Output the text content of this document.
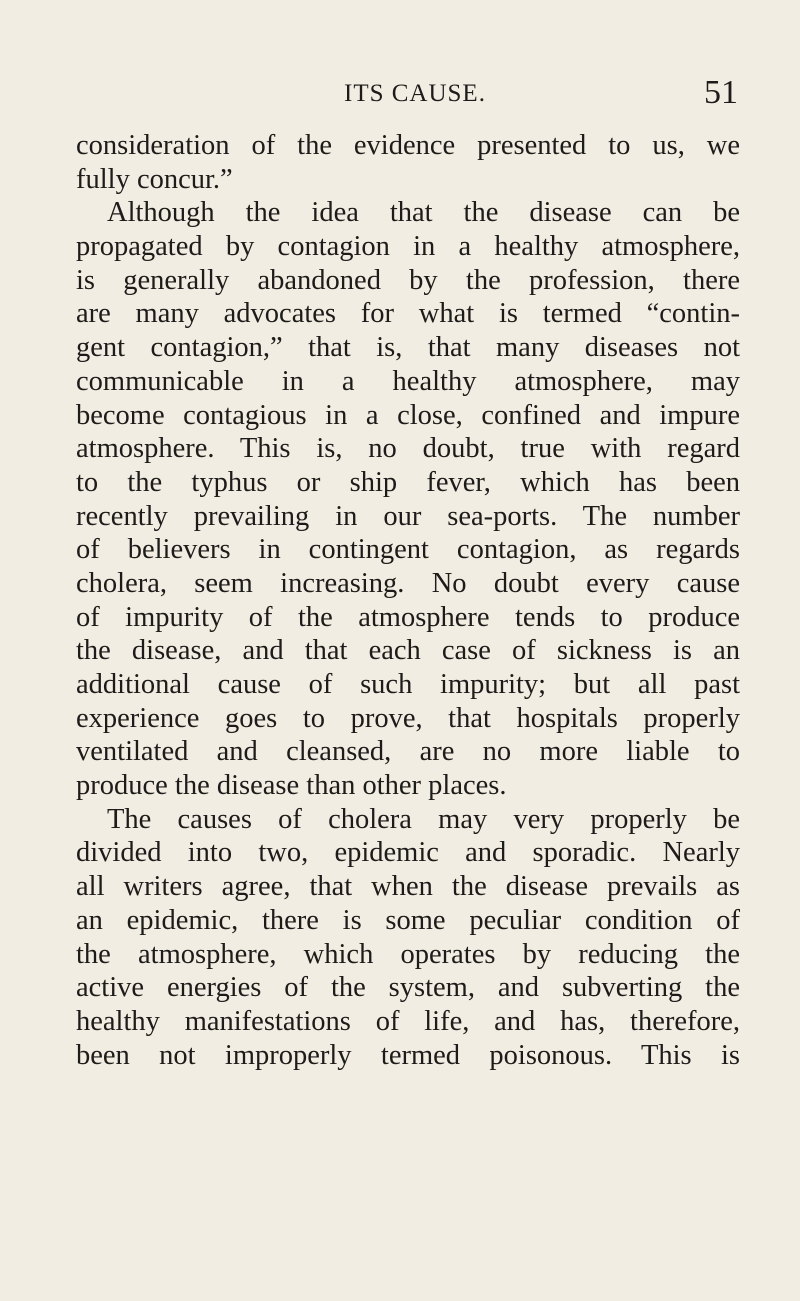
ITS CAUSE.	51
consideration of the evidence presented to us, we
fully concur.”
Although the idea that the disease can be
propagated by contagion in a healthy atmosphere,
is generally abandoned by the profession, there
are many advocates for what is termed “contin-
gent contagion,” that is, that many diseases not
communicable in a healthy atmosphere, may
become contagious in a close, confined and impure
atmosphere. This is, no doubt, true with regard
to the typhus or ship fever, which has been
recently prevailing in our sea-ports. The number
of believers in contingent contagion, as regards
cholera, seem increasing. No doubt every cause
of impurity of the atmosphere tends to produce
the disease, and that each case of sickness is an
additional cause of such impurity; but all past
experience goes to prove, that hospitals properly
ventilated and cleansed, are no more liable to
produce the disease than other places.
The causes of cholera may very properly be
divided into two, epidemic and sporadic. Nearly
all writers agree, that when the disease prevails as
an epidemic, there is some peculiar condition of
the atmosphere, which operates by reducing the
active energies of the system, and subverting the
healthy manifestations of life, and has, therefore,
been not improperly termed poisonous. This is
